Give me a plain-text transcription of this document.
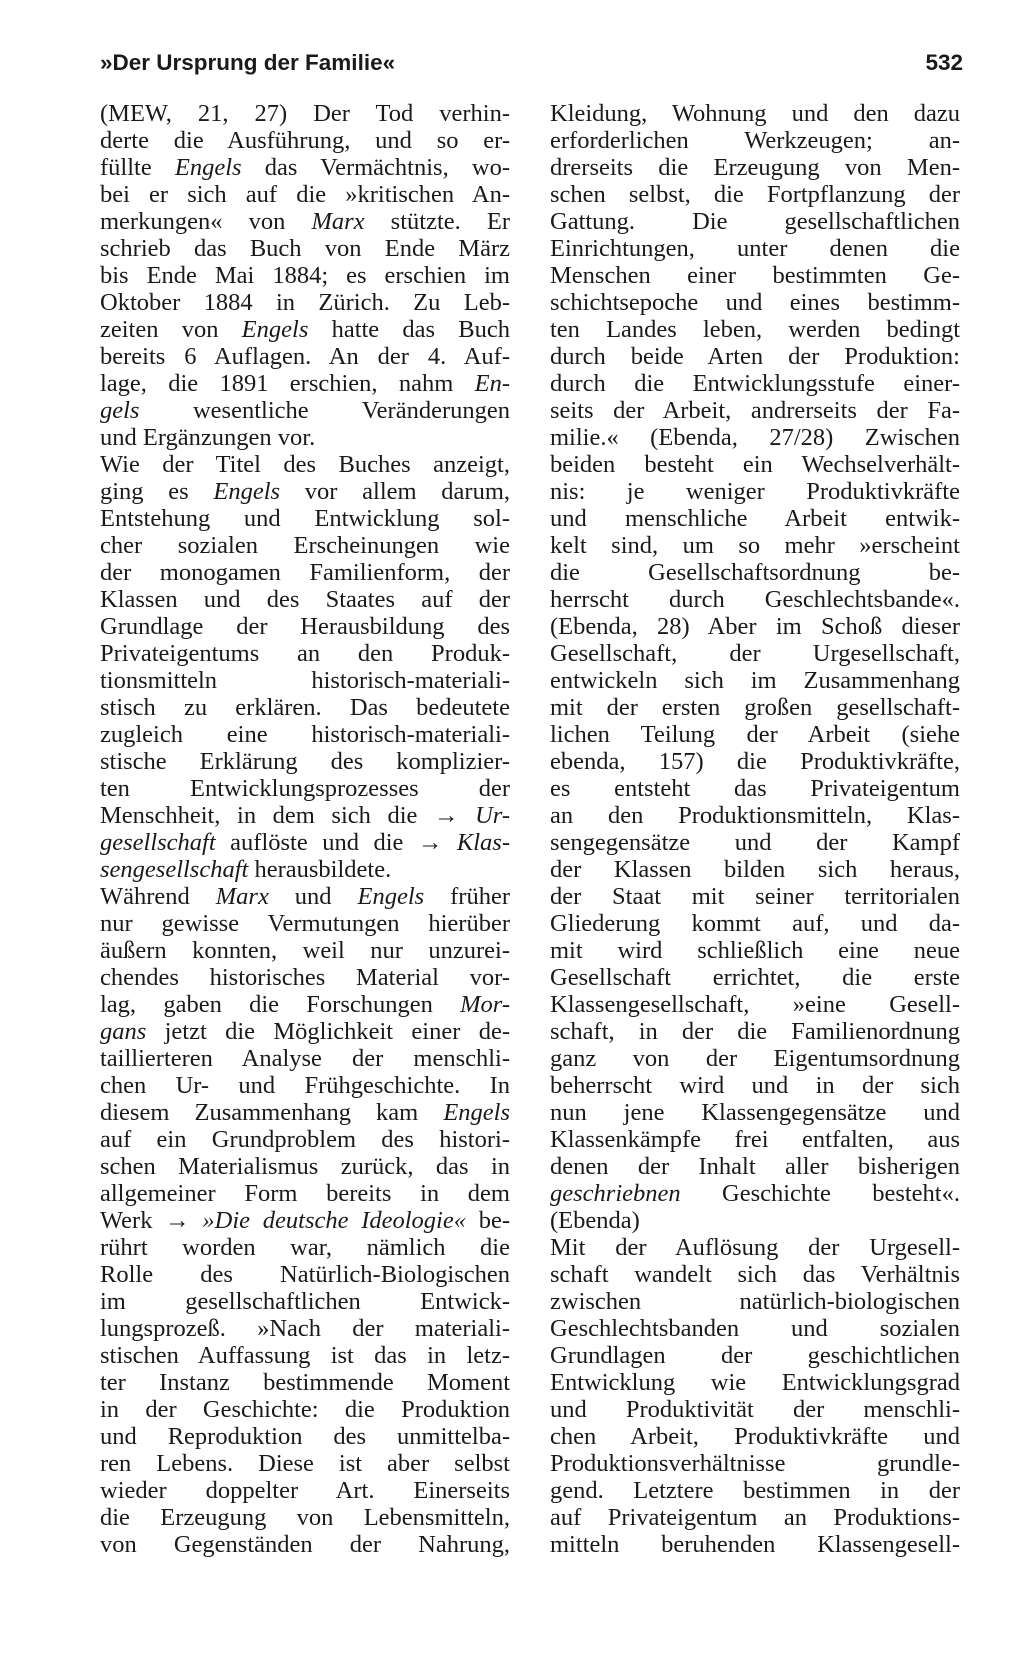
»Der Ursprung der Familie«	532
(MEW, 21, 27) Der Tod verhin-
derte die Ausführung, und so er-
füllte Engels das Vermächtnis, wo-
bei er sich auf die »kritischen An-
merkungen« von Marx stützte. Er
schrieb das Buch von Ende März
bis Ende Mai 1884; es erschien im
Oktober 1884 in Zürich. Zu Leb-
zeiten von Engels hatte das Buch
bereits 6 Auflagen. An der 4. Auf-
lage, die 1891 erschien, nahm En-
gels wesentliche Veränderungen
und Ergänzungen vor.
Wie der Titel des Buches anzeigt,
ging es Engels vor allem darum,
Entstehung und Entwicklung sol-
cher sozialen Erscheinungen wie
der monogamen Familienform, der
Klassen und des Staates auf der
Grundlage der Herausbildung des
Privateigentums an den Produk-
tionsmitteln historisch-materiali-
stisch zu erklären. Das bedeutete
zugleich eine historisch-materiali-
stische Erklärung des komplizier-
ten Entwicklungsprozesses der
Menschheit, in dem sich die → Ur-
gesellschaft auflöste und die → Klas-
sengesellschaft herausbildete.
Während Marx und Engels früher
nur gewisse Vermutungen hierüber
äußern konnten, weil nur unzurei-
chendes historisches Material vor-
lag, gaben die Forschungen Mor-
gans jetzt die Möglichkeit einer de-
taillierteren Analyse der menschli-
chen Ur- und Frühgeschichte. In
diesem Zusammenhang kam Engels
auf ein Grundproblem des histori-
schen Materialismus zurück, das in
allgemeiner Form bereits in dem
Werk → »Die deutsche Ideologie« be-
rührt worden war, nämlich die
Rolle des Natürlich-Biologischen
im gesellschaftlichen Entwick-
lungsprozeß. »Nach der materiali-
stischen Auffassung ist das in letz-
ter Instanz bestimmende Moment
in der Geschichte: die Produktion
und Reproduktion des unmittelba-
ren Lebens. Diese ist aber selbst
wieder doppelter Art. Einerseits
die Erzeugung von Lebensmitteln,
von Gegenständen der Nahrung,
Kleidung, Wohnung und den dazu
erforderlichen Werkzeugen; an-
drerseits die Erzeugung von Men-
schen selbst, die Fortpflanzung der
Gattung. Die gesellschaftlichen
Einrichtungen, unter denen die
Menschen einer bestimmten Ge-
schichtsepoche und eines bestimm-
ten Landes leben, werden bedingt
durch beide Arten der Produktion:
durch die Entwicklungsstufe einer-
seits der Arbeit, andrerseits der Fa-
milie.« (Ebenda, 27/28) Zwischen
beiden besteht ein Wechselverhält-
nis: je weniger Produktivkräfte
und menschliche Arbeit entwik-
kelt sind, um so mehr »erscheint
die Gesellschaftsordnung be-
herrscht durch Geschlechtsbande«.
(Ebenda, 28) Aber im Schoß dieser
Gesellschaft, der Urgesellschaft,
entwickeln sich im Zusammenhang
mit der ersten großen gesellschaft-
lichen Teilung der Arbeit (siehe
ebenda, 157) die Produktivkräfte,
es entsteht das Privateigentum
an den Produktionsmitteln, Klas-
sengegensätze und der Kampf
der Klassen bilden sich heraus,
der Staat mit seiner territorialen
Gliederung kommt auf, und da-
mit wird schließlich eine neue
Gesellschaft errichtet, die erste
Klassengesellschaft, »eine Gesell-
schaft, in der die Familienordnung
ganz von der Eigentumsordnung
beherrscht wird und in der sich
nun jene Klassengegensätze und
Klassenkämpfe frei entfalten, aus
denen der Inhalt aller bisherigen
geschriebnen Geschichte besteht«.
(Ebenda)
Mit der Auflösung der Urgesell-
schaft wandelt sich das Verhältnis
zwischen natürlich-biologischen
Geschlechtsbanden und sozialen
Grundlagen der geschichtlichen
Entwicklung wie Entwicklungsgrad
und Produktivität der menschli-
chen Arbeit, Produktivkräfte und
Produktionsverhältnisse grundle-
gend. Letztere bestimmen in der
auf Privateigentum an Produktions-
mitteln beruhenden Klassengesell-
